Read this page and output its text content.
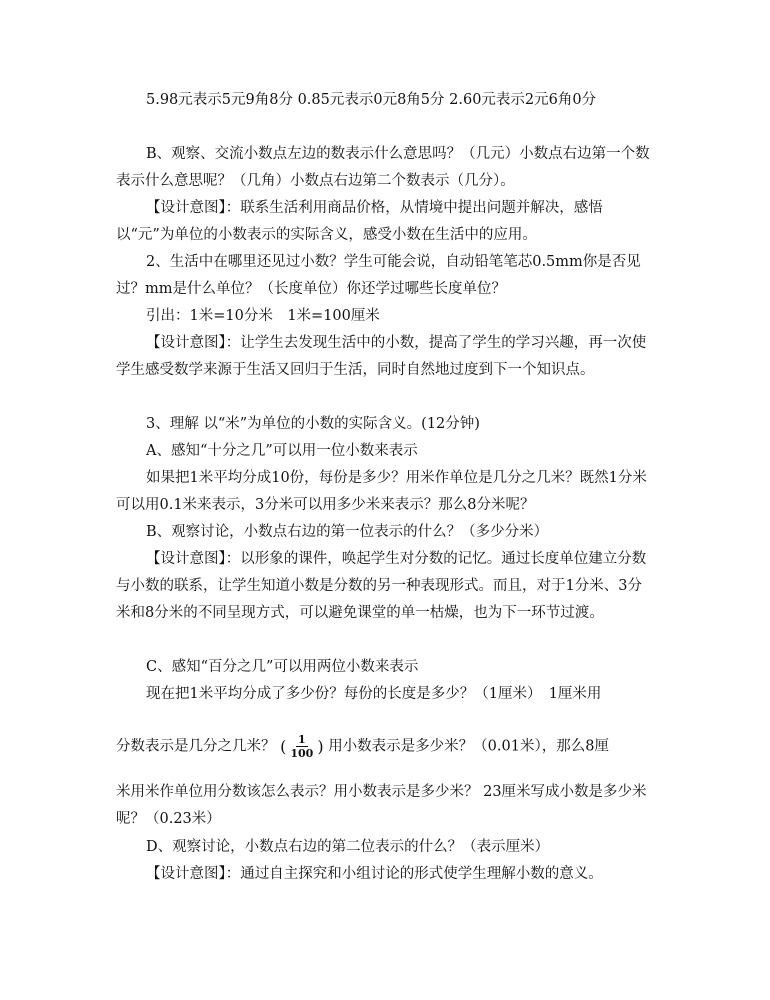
5.98元表示5元9角8分 0.85元表示0元8角5分 2.60元表示2元6角0分

B、观察、交流小数点左边的数表示什么意思吗？（几元）小数点右边第一个数表示什么意思呢？（几角）小数点右边第二个数表示（几分）。

【设计意图】：联系生活利用商品价格，从情境中提出问题并解决，感悟以“元”为单位的小数表示的实际含义，感受小数在生活中的应用。

2、生活中在哪里还见过小数？学生可能会说，自动铅笔笔芯0.5mm你是否见过？mm是什么单位？（长度单位）你还学过哪些长度单位？

引出：1米=10分米　1米=100厘米

【设计意图】：让学生去发现生活中的小数，提高了学生的学习兴趣，再一次使学生感受数学来源于生活又回归于生活，同时自然地过度到下一个知识点。

3、理解 以“米”为单位的小数的实际含义。(12分钟)

A、感知“十分之几”可以用一位小数来表示

如果把1米平均分成10份，每份是多少？用米作单位是几分之几米？既然1分米可以用0.1米来表示，3分米可以用多少米来表示？那么8分米呢？

B、观察讨论，小数点右边的第一位表示的什么？（多少分米）

【设计意图】：以形象的课件，唤起学生对分数的记忆。通过长度单位建立分数与小数的联系，让学生知道小数是分数的另一种表现形式。而且，对于1分米、3分米和8分米的不同呈现方式，可以避免课堂的单一枯燥，也为下一环节过渡。

C、感知“百分之几”可以用两位小数来表示

现在把1米平均分成了多少份？每份的长度是多少？（1厘米）　1厘米用

分数表示是几分之几米？ ( $\frac{1}{100}$ ) 用小数表示是多少米？（0.01米），那么8厘

米用米作单位用分数该怎么表示？用小数表示是多少米？ 23厘米写成小数是多少米呢？（0.23米）

D、观察讨论，小数点右边的第二位表示的什么？（表示厘米）

【设计意图】：通过自主探究和小组讨论的形式使学生理解小数的意义。
